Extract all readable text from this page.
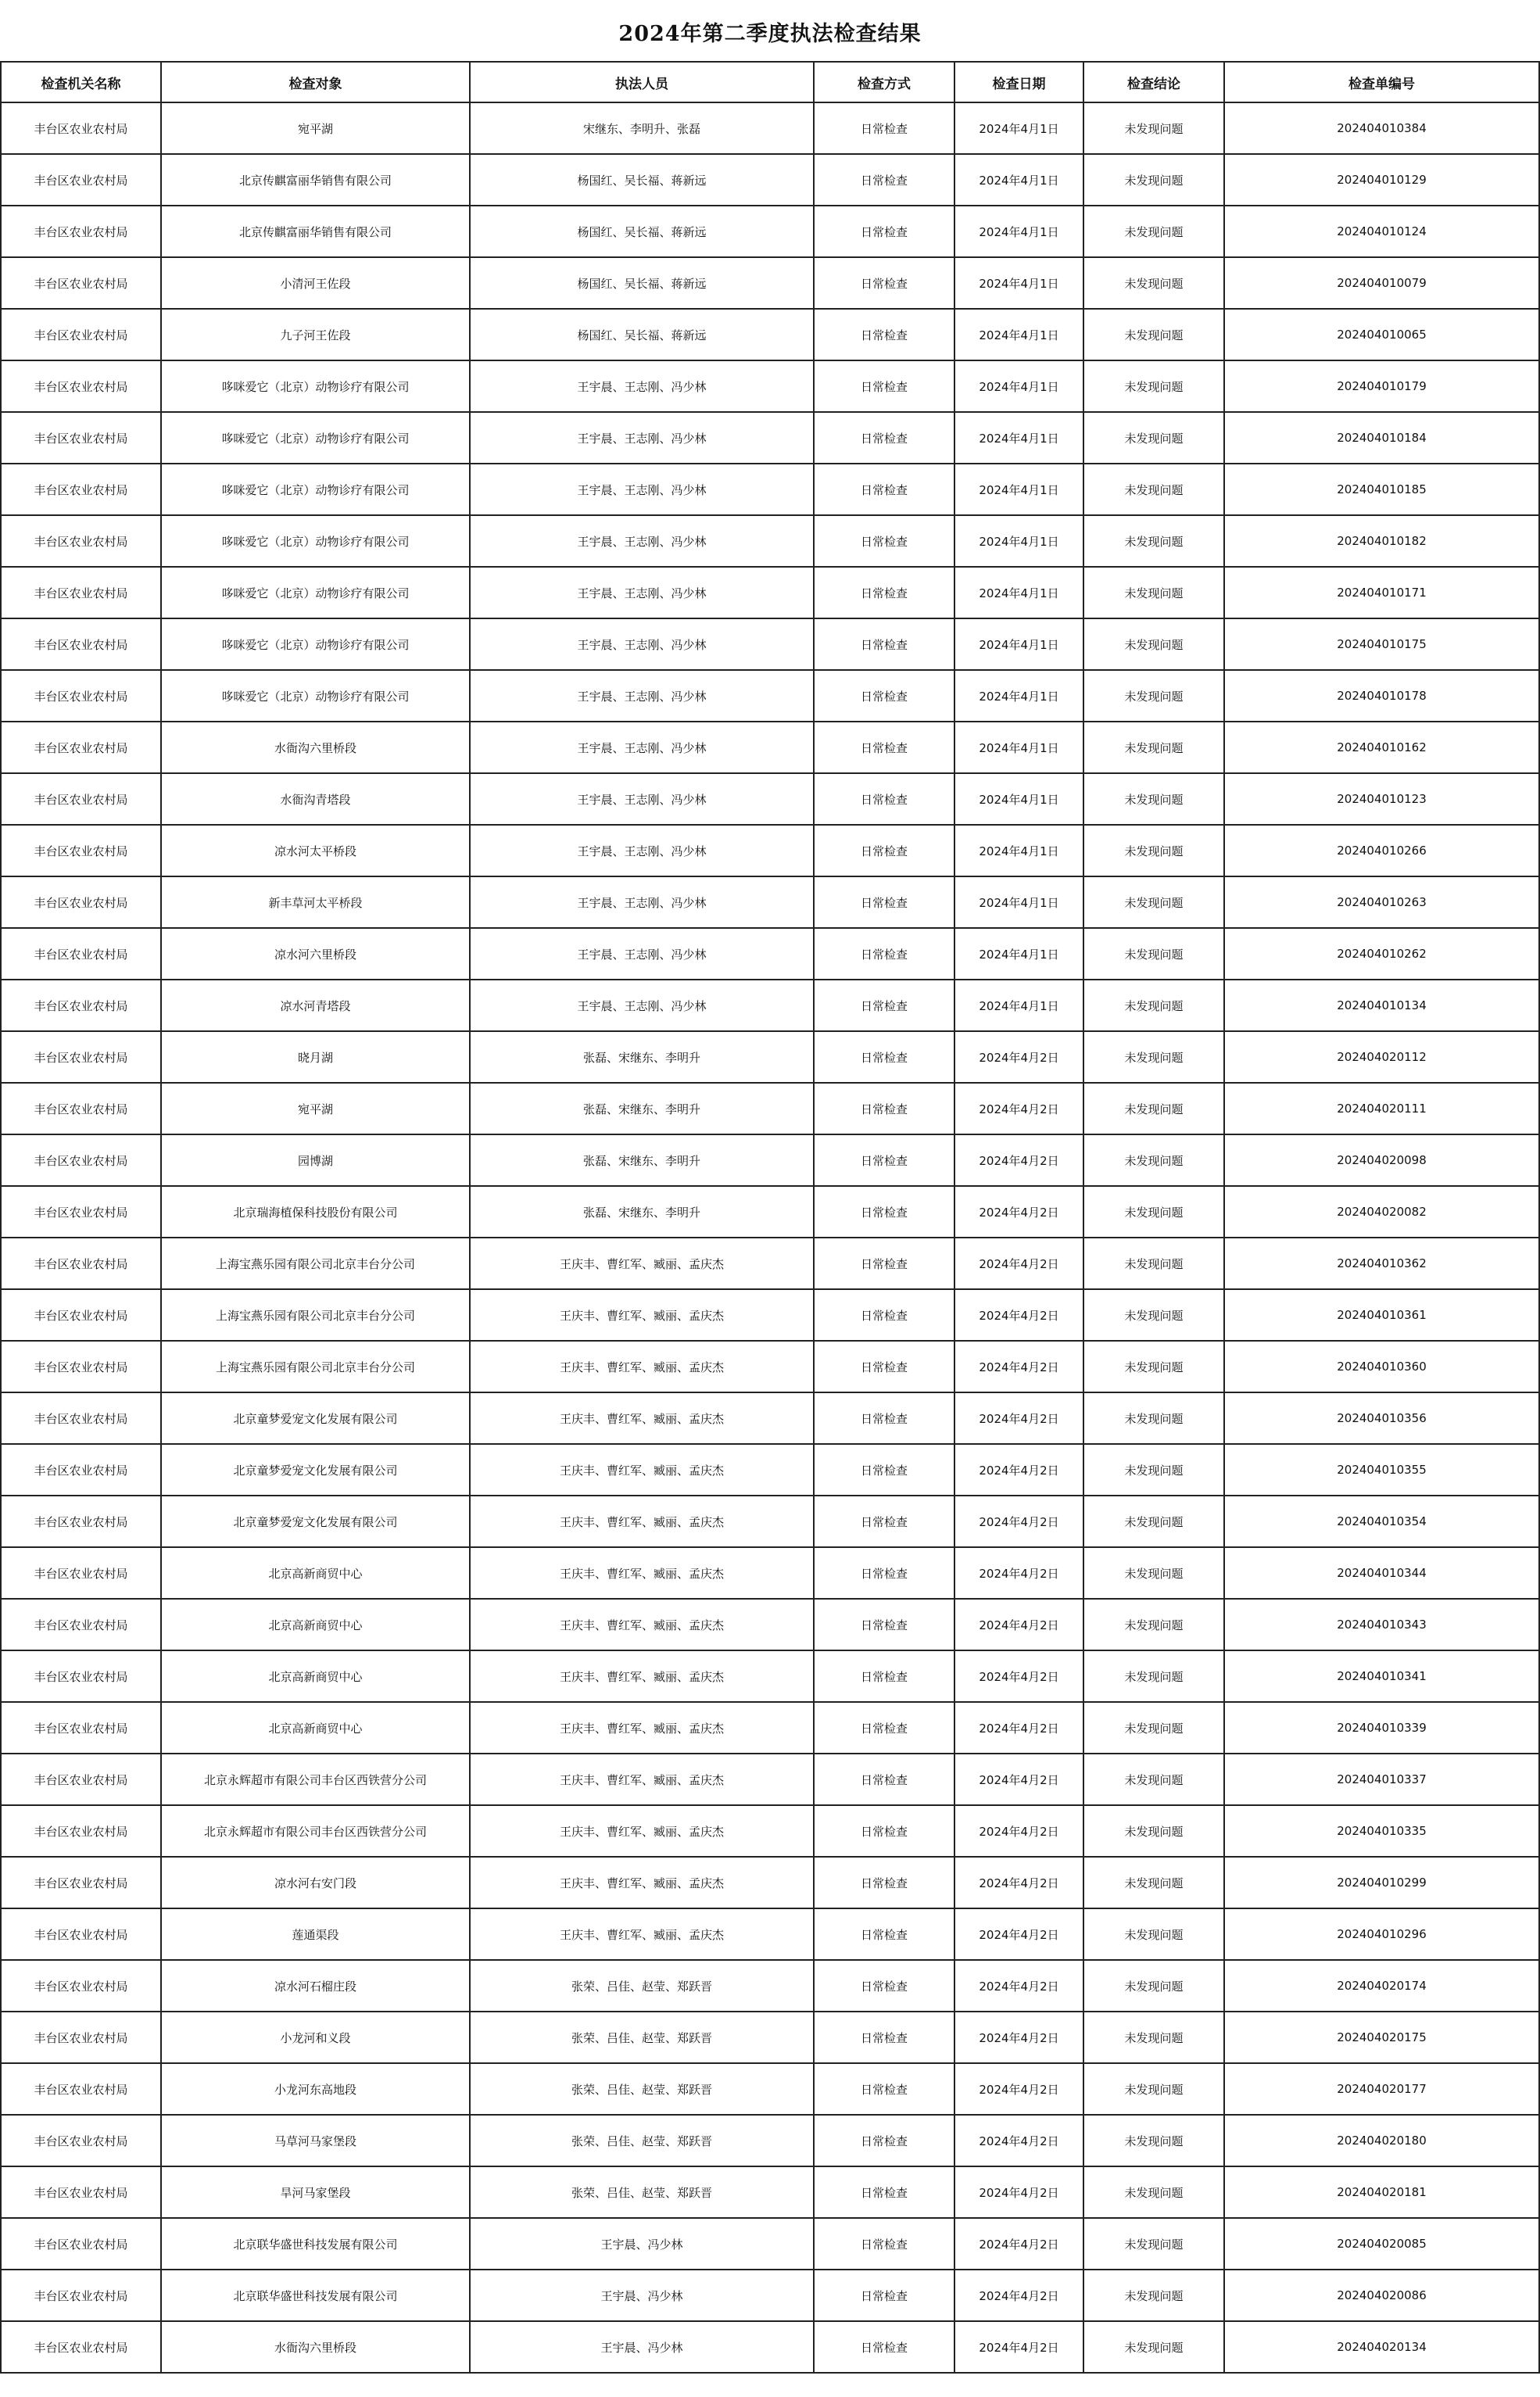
2024年第二季度执法检查结果
检查机关名称	检查对象	执法人员	检查方式	检查日期	检查结论	检查单编号
丰台区农业农村局	宛平湖	宋继东、李明升、张磊	日常检查	2024年4月1日	未发现问题	202404010384
丰台区农业农村局	北京传麒富丽华销售有限公司	杨国红、吴长福、蒋新远	日常检查	2024年4月1日	未发现问题	202404010129
丰台区农业农村局	北京传麒富丽华销售有限公司	杨国红、吴长福、蒋新远	日常检查	2024年4月1日	未发现问题	202404010124
丰台区农业农村局	小清河王佐段	杨国红、吴长福、蒋新远	日常检查	2024年4月1日	未发现问题	202404010079
丰台区农业农村局	九子河王佐段	杨国红、吴长福、蒋新远	日常检查	2024年4月1日	未发现问题	202404010065
丰台区农业农村局	哆咪爱它（北京）动物诊疗有限公司	王宇晨、王志刚、冯少林	日常检查	2024年4月1日	未发现问题	202404010179
丰台区农业农村局	哆咪爱它（北京）动物诊疗有限公司	王宇晨、王志刚、冯少林	日常检查	2024年4月1日	未发现问题	202404010184
丰台区农业农村局	哆咪爱它（北京）动物诊疗有限公司	王宇晨、王志刚、冯少林	日常检查	2024年4月1日	未发现问题	202404010185
丰台区农业农村局	哆咪爱它（北京）动物诊疗有限公司	王宇晨、王志刚、冯少林	日常检查	2024年4月1日	未发现问题	202404010182
丰台区农业农村局	哆咪爱它（北京）动物诊疗有限公司	王宇晨、王志刚、冯少林	日常检查	2024年4月1日	未发现问题	202404010171
丰台区农业农村局	哆咪爱它（北京）动物诊疗有限公司	王宇晨、王志刚、冯少林	日常检查	2024年4月1日	未发现问题	202404010175
丰台区农业农村局	哆咪爱它（北京）动物诊疗有限公司	王宇晨、王志刚、冯少林	日常检查	2024年4月1日	未发现问题	202404010178
丰台区农业农村局	水衙沟六里桥段	王宇晨、王志刚、冯少林	日常检查	2024年4月1日	未发现问题	202404010162
丰台区农业农村局	水衙沟青塔段	王宇晨、王志刚、冯少林	日常检查	2024年4月1日	未发现问题	202404010123
丰台区农业农村局	凉水河太平桥段	王宇晨、王志刚、冯少林	日常检查	2024年4月1日	未发现问题	202404010266
丰台区农业农村局	新丰草河太平桥段	王宇晨、王志刚、冯少林	日常检查	2024年4月1日	未发现问题	202404010263
丰台区农业农村局	凉水河六里桥段	王宇晨、王志刚、冯少林	日常检查	2024年4月1日	未发现问题	202404010262
丰台区农业农村局	凉水河青塔段	王宇晨、王志刚、冯少林	日常检查	2024年4月1日	未发现问题	202404010134
丰台区农业农村局	晓月湖	张磊、宋继东、李明升	日常检查	2024年4月2日	未发现问题	202404020112
丰台区农业农村局	宛平湖	张磊、宋继东、李明升	日常检查	2024年4月2日	未发现问题	202404020111
丰台区农业农村局	园博湖	张磊、宋继东、李明升	日常检查	2024年4月2日	未发现问题	202404020098
丰台区农业农村局	北京瑞海植保科技股份有限公司	张磊、宋继东、李明升	日常检查	2024年4月2日	未发现问题	202404020082
丰台区农业农村局	上海宝燕乐园有限公司北京丰台分公司	王庆丰、曹红军、臧丽、孟庆杰	日常检查	2024年4月2日	未发现问题	202404010362
丰台区农业农村局	上海宝燕乐园有限公司北京丰台分公司	王庆丰、曹红军、臧丽、孟庆杰	日常检查	2024年4月2日	未发现问题	202404010361
丰台区农业农村局	上海宝燕乐园有限公司北京丰台分公司	王庆丰、曹红军、臧丽、孟庆杰	日常检查	2024年4月2日	未发现问题	202404010360
丰台区农业农村局	北京童梦爱宠文化发展有限公司	王庆丰、曹红军、臧丽、孟庆杰	日常检查	2024年4月2日	未发现问题	202404010356
丰台区农业农村局	北京童梦爱宠文化发展有限公司	王庆丰、曹红军、臧丽、孟庆杰	日常检查	2024年4月2日	未发现问题	202404010355
丰台区农业农村局	北京童梦爱宠文化发展有限公司	王庆丰、曹红军、臧丽、孟庆杰	日常检查	2024年4月2日	未发现问题	202404010354
丰台区农业农村局	北京高新商贸中心	王庆丰、曹红军、臧丽、孟庆杰	日常检查	2024年4月2日	未发现问题	202404010344
丰台区农业农村局	北京高新商贸中心	王庆丰、曹红军、臧丽、孟庆杰	日常检查	2024年4月2日	未发现问题	202404010343
丰台区农业农村局	北京高新商贸中心	王庆丰、曹红军、臧丽、孟庆杰	日常检查	2024年4月2日	未发现问题	202404010341
丰台区农业农村局	北京高新商贸中心	王庆丰、曹红军、臧丽、孟庆杰	日常检查	2024年4月2日	未发现问题	202404010339
丰台区农业农村局	北京永辉超市有限公司丰台区西铁营分公司	王庆丰、曹红军、臧丽、孟庆杰	日常检查	2024年4月2日	未发现问题	202404010337
丰台区农业农村局	北京永辉超市有限公司丰台区西铁营分公司	王庆丰、曹红军、臧丽、孟庆杰	日常检查	2024年4月2日	未发现问题	202404010335
丰台区农业农村局	凉水河右安门段	王庆丰、曹红军、臧丽、孟庆杰	日常检查	2024年4月2日	未发现问题	202404010299
丰台区农业农村局	莲通渠段	王庆丰、曹红军、臧丽、孟庆杰	日常检查	2024年4月2日	未发现问题	202404010296
丰台区农业农村局	凉水河石榴庄段	张荣、吕佳、赵莹、郑跃晋	日常检查	2024年4月2日	未发现问题	202404020174
丰台区农业农村局	小龙河和义段	张荣、吕佳、赵莹、郑跃晋	日常检查	2024年4月2日	未发现问题	202404020175
丰台区农业农村局	小龙河东高地段	张荣、吕佳、赵莹、郑跃晋	日常检查	2024年4月2日	未发现问题	202404020177
丰台区农业农村局	马草河马家堡段	张荣、吕佳、赵莹、郑跃晋	日常检查	2024年4月2日	未发现问题	202404020180
丰台区农业农村局	旱河马家堡段	张荣、吕佳、赵莹、郑跃晋	日常检查	2024年4月2日	未发现问题	202404020181
丰台区农业农村局	北京联华盛世科技发展有限公司	王宇晨、冯少林	日常检查	2024年4月2日	未发现问题	202404020085
丰台区农业农村局	北京联华盛世科技发展有限公司	王宇晨、冯少林	日常检查	2024年4月2日	未发现问题	202404020086
丰台区农业农村局	水衙沟六里桥段	王宇晨、冯少林	日常检查	2024年4月2日	未发现问题	202404020134
